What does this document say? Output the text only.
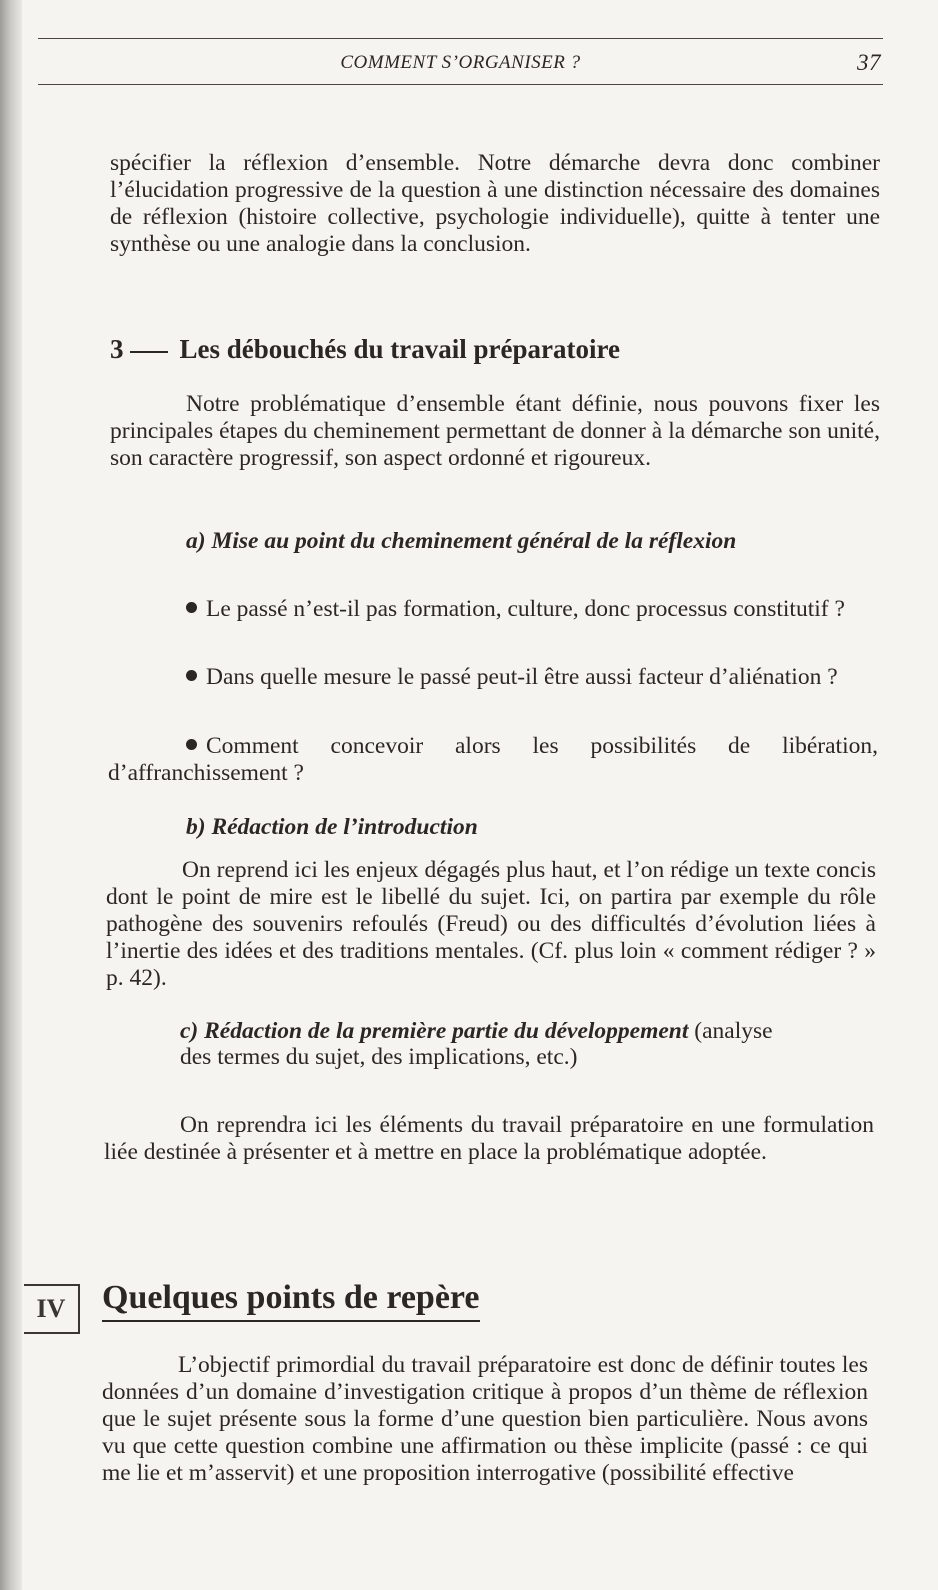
COMMENT S’ORGANISER ?	37

spécifier la réflexion d’ensemble. Notre démarche devra donc combiner l’élucidation progressive de la question à une distinction nécessaire des domaines de réflexion (histoire collective, psychologie individuelle), quitte à tenter une synthèse ou une analogie dans la conclusion.

3 Les débouchés du travail préparatoire

Notre problématique d’ensemble étant définie, nous pouvons fixer les principales étapes du cheminement permettant de donner à la démarche son unité, son caractère progressif, son aspect ordonné et rigoureux.

a) Mise au point du cheminement général de la réflexion

Le passé n’est-il pas formation, culture, donc processus constitutif ?

Dans quelle mesure le passé peut-il être aussi facteur d’aliénation ?

Comment concevoir alors les possibilités de libération, d’affranchissement ?

b) Rédaction de l’introduction

On reprend ici les enjeux dégagés plus haut, et l’on rédige un texte concis dont le point de mire est le libellé du sujet. Ici, on partira par exemple du rôle pathogène des souvenirs refoulés (Freud) ou des difficultés d’évolution liées à l’inertie des idées et des traditions mentales. (Cf. plus loin « comment rédiger ? » p. 42).

c) Rédaction de la première partie du développement (analyse des termes du sujet, des implications, etc.)

On reprendra ici les éléments du travail préparatoire en une formulation liée destinée à présenter et à mettre en place la problématique adoptée.

IV	Quelques points de repère

L’objectif primordial du travail préparatoire est donc de définir toutes les données d’un domaine d’investigation critique à propos d’un thème de réflexion que le sujet présente sous la forme d’une question bien particulière. Nous avons vu que cette question combine une affirmation ou thèse implicite (passé : ce qui me lie et m’asservit) et une proposition interrogative (possibilité effective
